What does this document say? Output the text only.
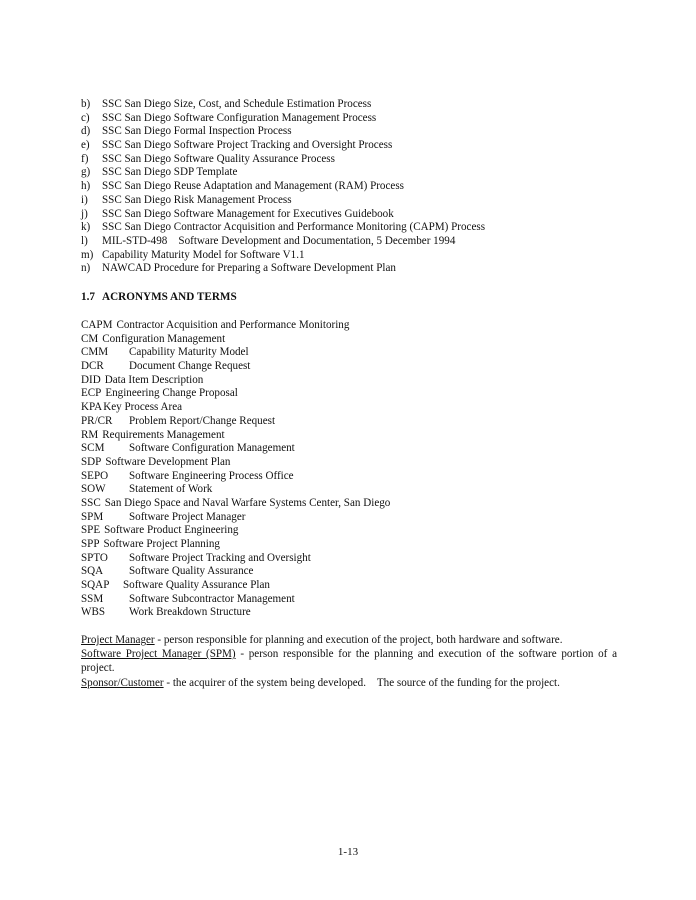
b) SSC San Diego Size, Cost, and Schedule Estimation Process
c) SSC San Diego Software Configuration Management Process
d) SSC San Diego Formal Inspection Process
e) SSC San Diego Software Project Tracking and Oversight Process
f) SSC San Diego Software Quality Assurance Process
g) SSC San Diego SDP Template
h) SSC San Diego Reuse Adaptation and Management (RAM) Process
i) SSC San Diego Risk Management Process
j) SSC San Diego Software Management for Executives Guidebook
k) SSC San Diego Contractor Acquisition and Performance Monitoring (CAPM) Process
l) MIL-STD-498    Software Development and Documentation, 5 December 1994
m) Capability Maturity Model for Software V1.1
n) NAWCAD Procedure for Preparing a Software Development Plan
1.7 ACRONYMS AND TERMS
CAPM Contractor Acquisition and Performance Monitoring
CM Configuration Management
CMM Capability Maturity Model
DCR Document Change Request
DID Data Item Description
ECP Engineering Change Proposal
KPAKey Process Area
PR/CR Problem Report/Change Request
RM Requirements Management
SCM Software Configuration Management
SDP Software Development Plan
SEPO Software Engineering Process Office
SOW Statement of Work
SSC San Diego Space and Naval Warfare Systems Center, San Diego
SPM Software Project Manager
SPE Software Product Engineering
SPP Software Project Planning
SPTO Software Project Tracking and Oversight
SQA Software Quality Assurance
SQAP Software Quality Assurance Plan
SSM Software Subcontractor Management
WBS Work Breakdown Structure

Project Manager - person responsible for planning and execution of the project, both hardware and software.

Software Project Manager (SPM) - person responsible for the planning and execution of the software portion of a project.

Sponsor/Customer - the acquirer of the system being developed.    The source of the funding for the project.

1-13
